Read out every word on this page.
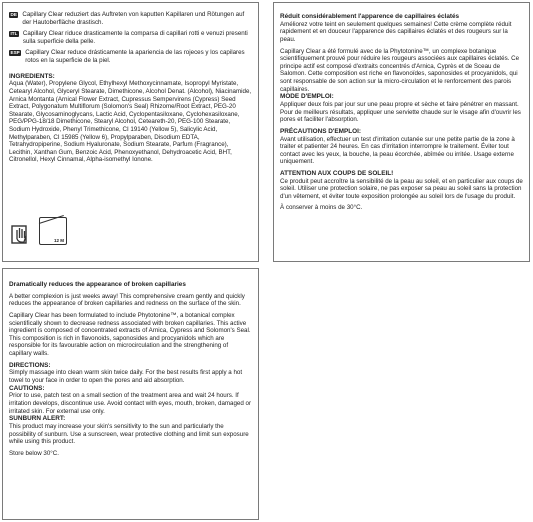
DE Capillary Clear reduziert das Auftreten von kaputten Kapillaren und Rötungen auf der Hautoberfläche drastisch.

ITL Capillary Clear riduce drasticamente la comparsa di capillari rotti e venuzi presenti sulla superficie della pelle.

ESP Capillary Clear reduce drásticamente la apariencia de las rojeces y los capilares rotos en la superficie de la piel.

INGREDIENTS:

Aqua (Water), Propylene Glycol, Ethylhexyl Methoxycinnamate, Isopropyl Myristate, Cetearyl Alcohol, Glyceryl Stearate, Dimethicone, Alcohol Denat. (Alcohol), Niacinamide, Arnica Montanta (Arnical Flower Extract, Cupressus Sempervirens (Cypress) Seed Extract, Polygonatum Multiflorum (Solomon's Seal) Rhizome/Root Extract, PEG-20 Stearate, Glycosaminoglycans, Lactic Acid, Cyclopentasiloxane, Cyclohexasiloxane, PEG/PPG-18/18 Dimethicone, Stearyl Alcohol, Ceteareth-20, PEG-100 Stearate, Sodium Hydroxide, Phenyl Trimethicone, CI 19140 (Yellow 5), Salicylic Acid, Methylparaben, CI 15985 (Yellow 6), Propylparaben, Disodium EDTA, Tetrahydropiperine, Sodium Hyaluronate, Sodium Stearate, Parfum (Fragrance), Lecithin, Xanthan Gum, Benzoic Acid, Phenoxyethanol, Dehydroacetic Acid, BHT, Citronellol, Hexyl Cinnamal, Alpha-isomethyl Ionone.

12 M

Réduit considérablement l'apparence de capillaires éclatés

Améliorez votre teint en seulement quelques semaines! Cette crème complète réduit rapidement et en douceur l'apparence des capillaires éclatés et des rougeurs sur la peau.

Capillary Clear a été formulé avec de la Phytotonine™, un complexe botanique scientifiquement prouvé pour réduire les rougeurs associées aux capillaires éclatés. Ce principe actif est composé d'extraits concentrés d'Arnica, Cyprès et de Sceau de Salomon. Cette composition est riche en flavonoïdes, saponosides et procyanidols, qui sont responsable de son action sur la micro-circulation et le renforcement des parois capillaires.

MODE D'EMPLOI:

Appliquer deux fois par jour sur une peau propre et sèche et faire pénétrer en massant. Pour de meilleurs résultats, appliquer une serviette chaude sur le visage afin d'ouvrir les pores et faciliter l'absorption.

PRÉCAUTIONS D'EMPLOI:

Avant utilisation, effectuer un test d'irritation cutanée sur une petite partie de la zone à traiter et patienter 24 heures. En cas d'irritation interrompre le traitement. Éviter tout contact avec les yeux, la bouche, la peau écorchée, abîmée ou irritée. Usage externe uniquement.

ATTENTION AUX COUPS DE SOLEIL!

Ce produit peut accroître la sensibilité de la peau au soleil, et en particulier aux coups de soleil. Utiliser une protection solaire, ne pas exposer sa peau au soleil sans la protection d'un vêtement, et éviter toute exposition prolongée au soleil lors de l'usage du produit.

À conserver à moins de 30°C.

Dramatically reduces the appearance of broken capillaries

A better complexion is just weeks away! This comprehensive cream gently and quickly reduces the appearance of broken capillaries and redness on the surface of the skin.

Capillary Clear has been formulated to include Phytotonine™, a botanical complex scientifically shown to decrease redness associated with broken capillaries. This active ingredient is composed of concentrated extracts of Arnica, Cypress and Solomon's Seal. This composition is rich in flavonoids, saponosides and procyanidols which are responsible for its favourable action on microcirculation and the strengthening of capillary walls.

DIRECTIONS:

Simply massage into clean warm skin twice daily. For the best results first apply a hot towel to your face in order to open the pores and aid absorption.

CAUTIONS:

Prior to use, patch test on a small section of the treatment area and wait 24 hours. If irritation develops, discontinue use. Avoid contact with eyes, mouth, broken, damaged or irritated skin. For external use only.

SUNBURN ALERT:

This product may increase your skin's sensitivity to the sun and particularly the possibility of sunburn. Use a sunscreen, wear protective clothing and limit sun exposure while using this product.

Store below 30°C.
